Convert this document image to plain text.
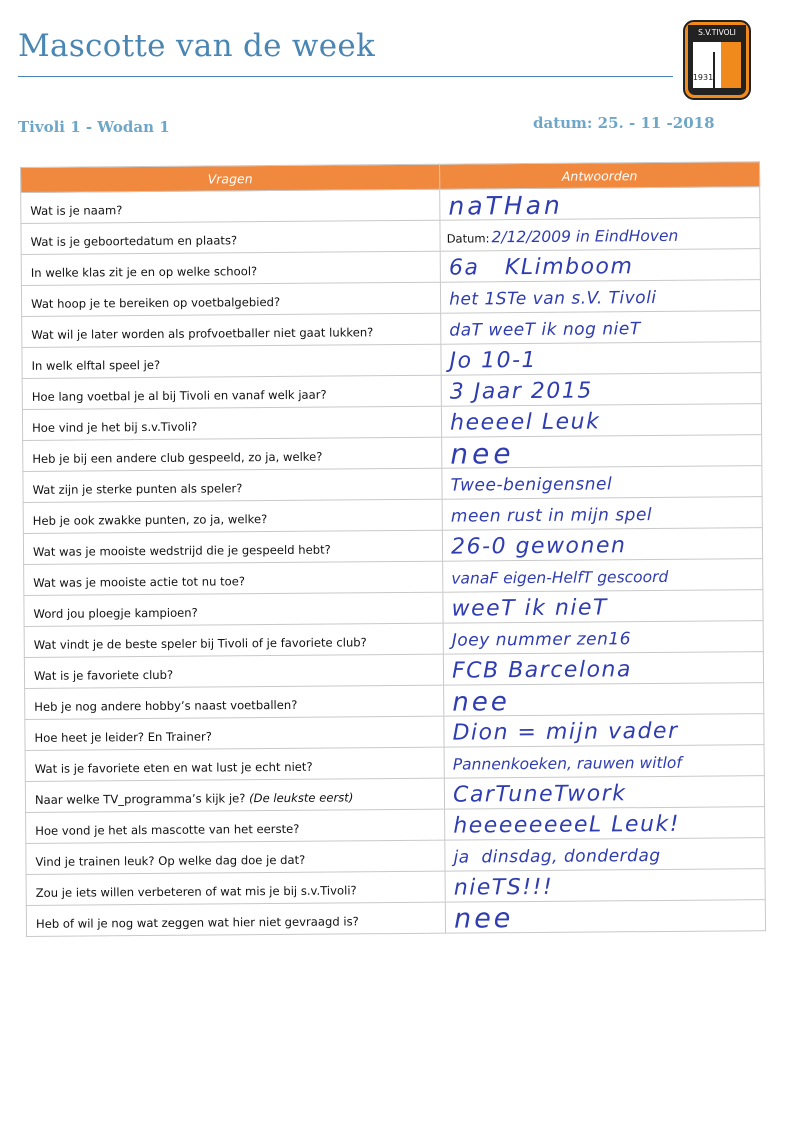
Mascotte van de week	S.V.TIVOLI
1931
Tivoli 1 - Wodan 1	datum: 25. - 11 -2018
Vragen	Antwoorden
Wat is je naam?	naTHan
Wat is je geboortedatum en plaats?	Datum: 2/12/2009 in EindHoven
In welke klas zit je en op welke school?	6a   KLimboom
Wat hoop je te bereiken op voetbalgebied?	het 1STe van s.V. Tivoli
Wat wil je later worden als profvoetballer niet gaat lukken?	daT weeT ik nog nieT
In welk elftal speel je?	Jo 10-1
Hoe lang voetbal je al bij Tivoli en vanaf welk jaar?	3 Jaar 2015
Hoe vind je het bij s.v.Tivoli?	heeeel Leuk
Heb je bij een andere club gespeeld, zo ja, welke?	nee
Wat zijn je sterke punten als speler?	Twee-benigensnel
Heb je ook zwakke punten, zo ja, welke?	meen rust in mijn spel
Wat was je mooiste wedstrijd die je gespeeld hebt?	26-0 gewonen
Wat was je mooiste actie tot nu toe?	vanaF eigen-HelfT gescoord
Word jou ploegje kampioen?	weeT ik nieT
Wat vindt je de beste speler bij Tivoli of je favoriete club?	Joey nummer zen16
Wat is je favoriete club?	FCB Barcelona
Heb je nog andere hobby’s naast voetballen?	nee
Hoe heet je leider? En Trainer?	Dion = mijn vader
Wat is je favoriete eten en wat lust je echt niet?	Pannenkoeken, rauwen witlof
Naar welke TV_programma’s kijk je? (De leukste eerst)	CarTuneTwork
Hoe vond je het als mascotte van het eerste?	heeeeeeeeL Leuk!
Vind je trainen leuk? Op welke dag doe je dat?	ja  dinsdag, donderdag
Zou je iets willen verbeteren of wat mis je bij s.v.Tivoli?	nieTS!!!
Heb of wil je nog wat zeggen wat hier niet gevraagd is?	nee
